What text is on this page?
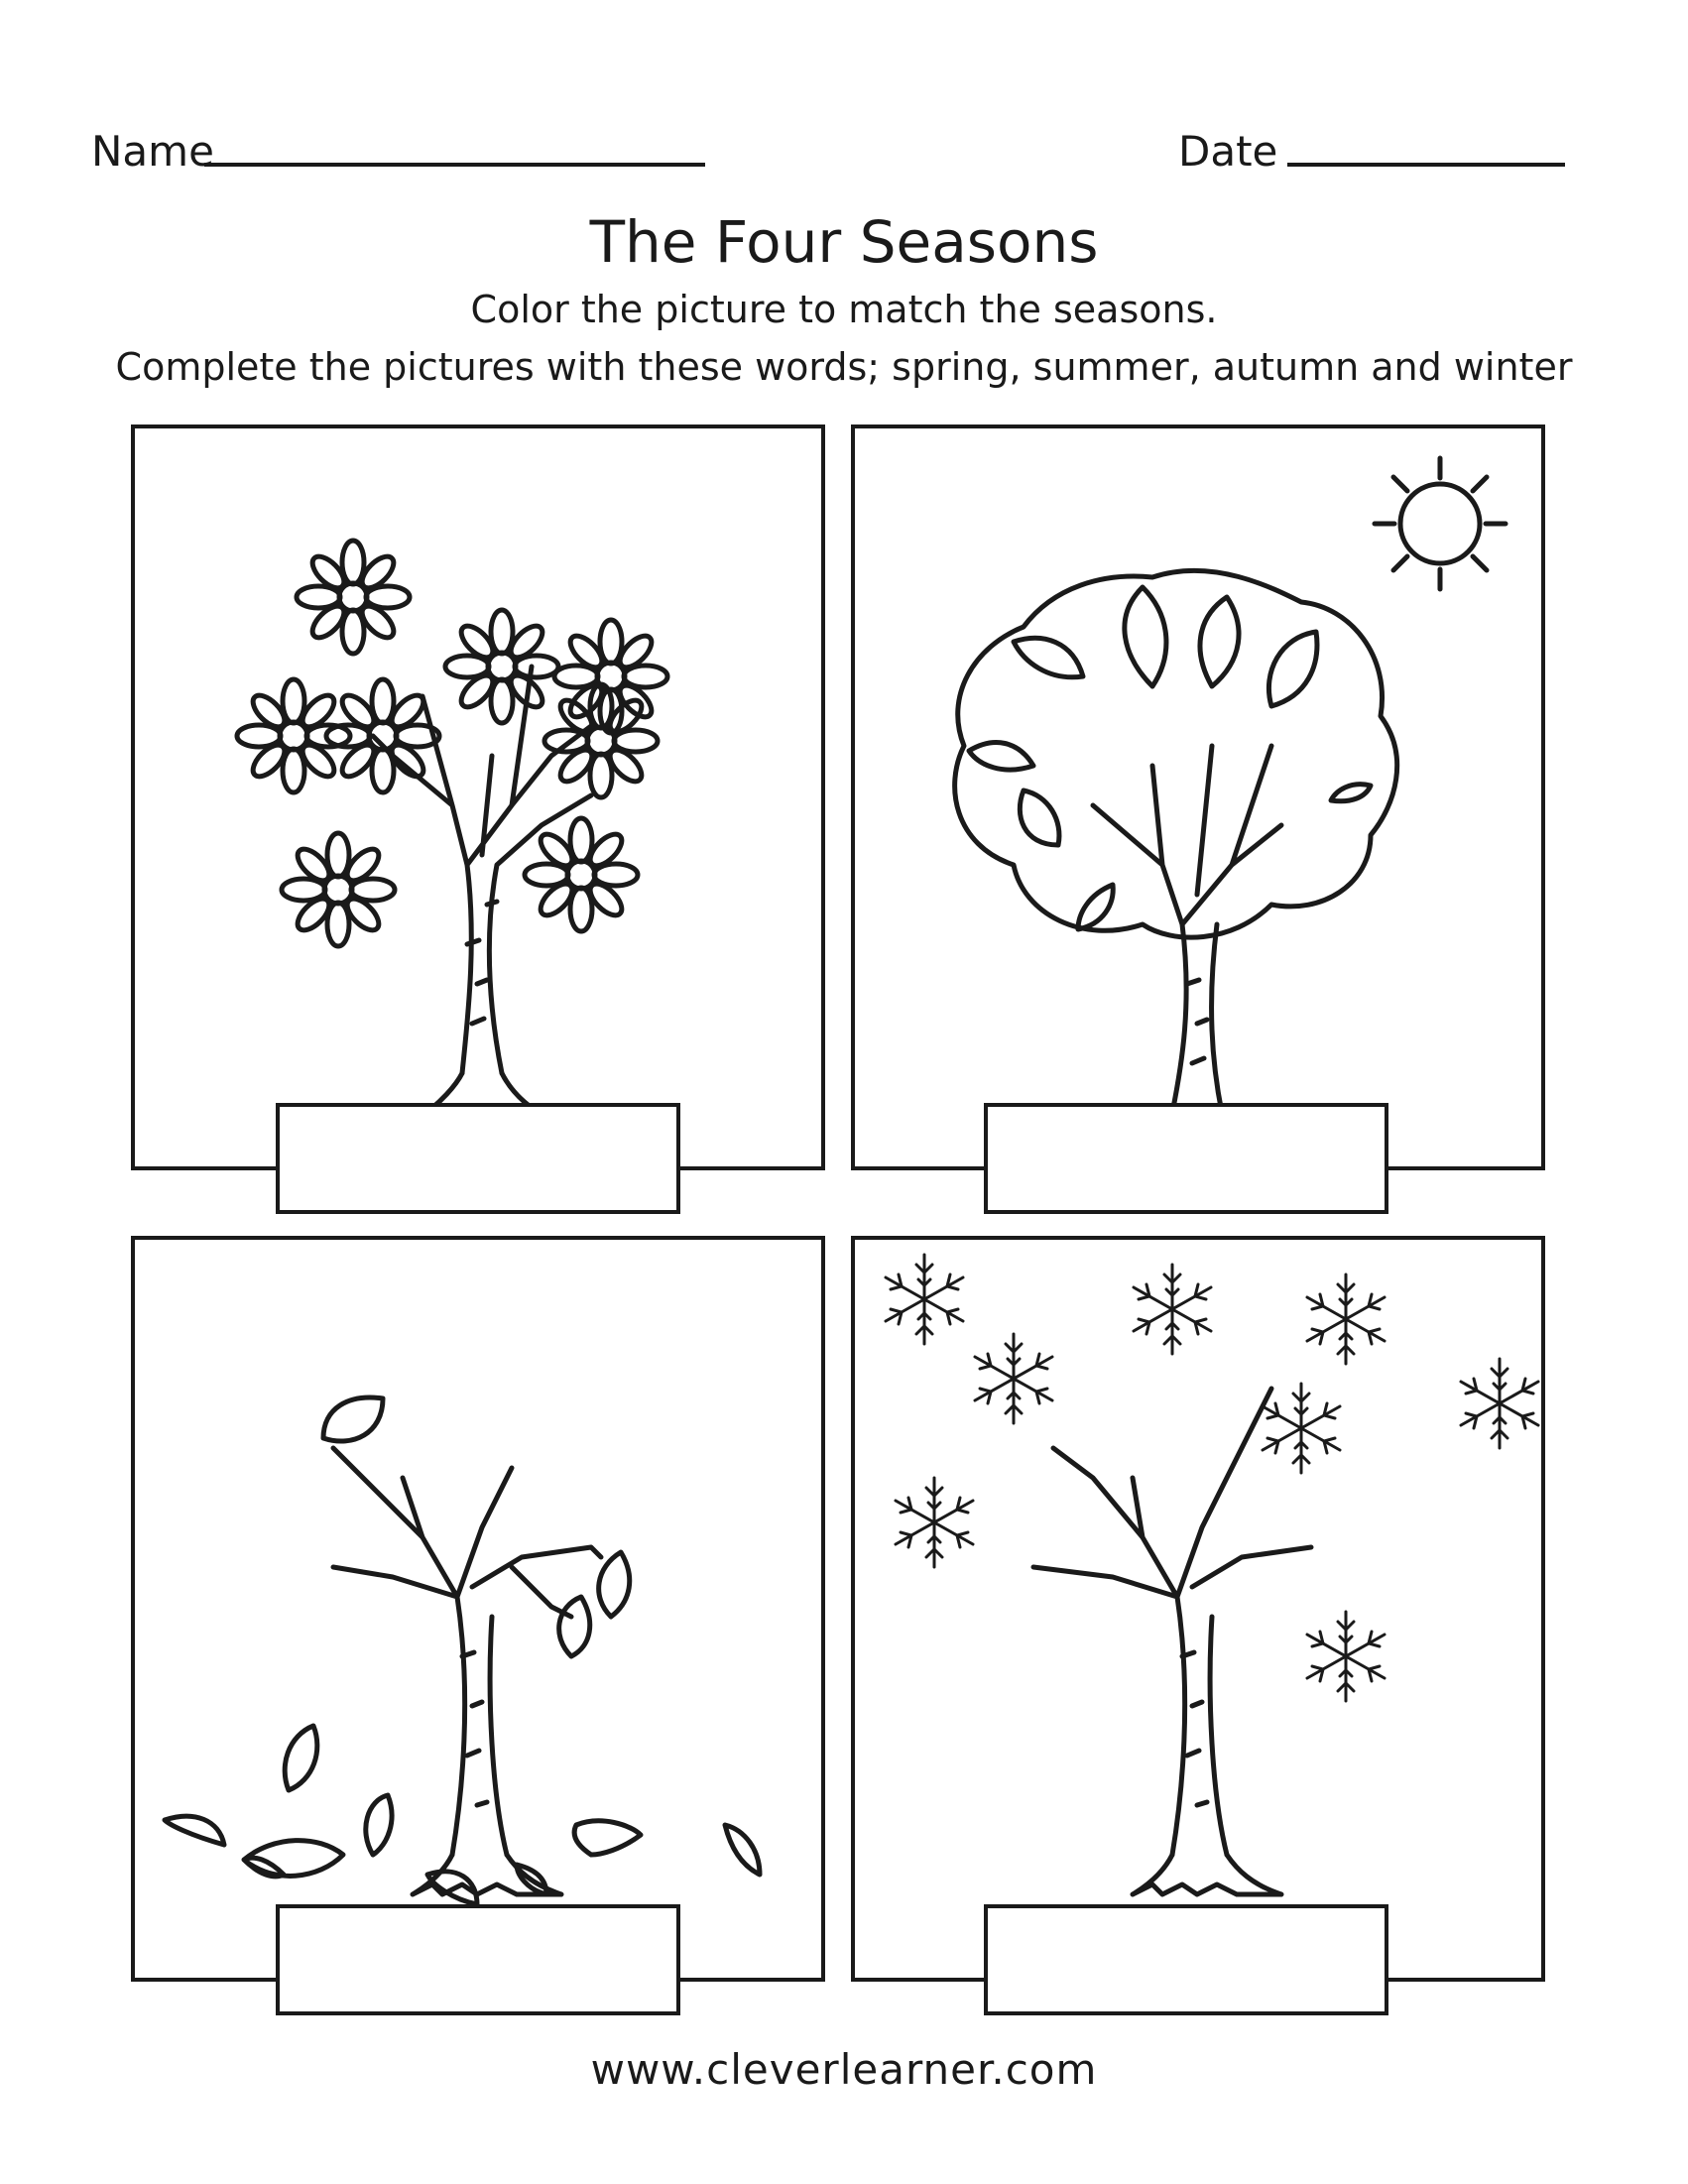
Name	Date
The Four Seasons
Color the picture to match the seasons.
Complete the pictures with these words; spring, summer, autumn and winter
www.cleverlearner.com
